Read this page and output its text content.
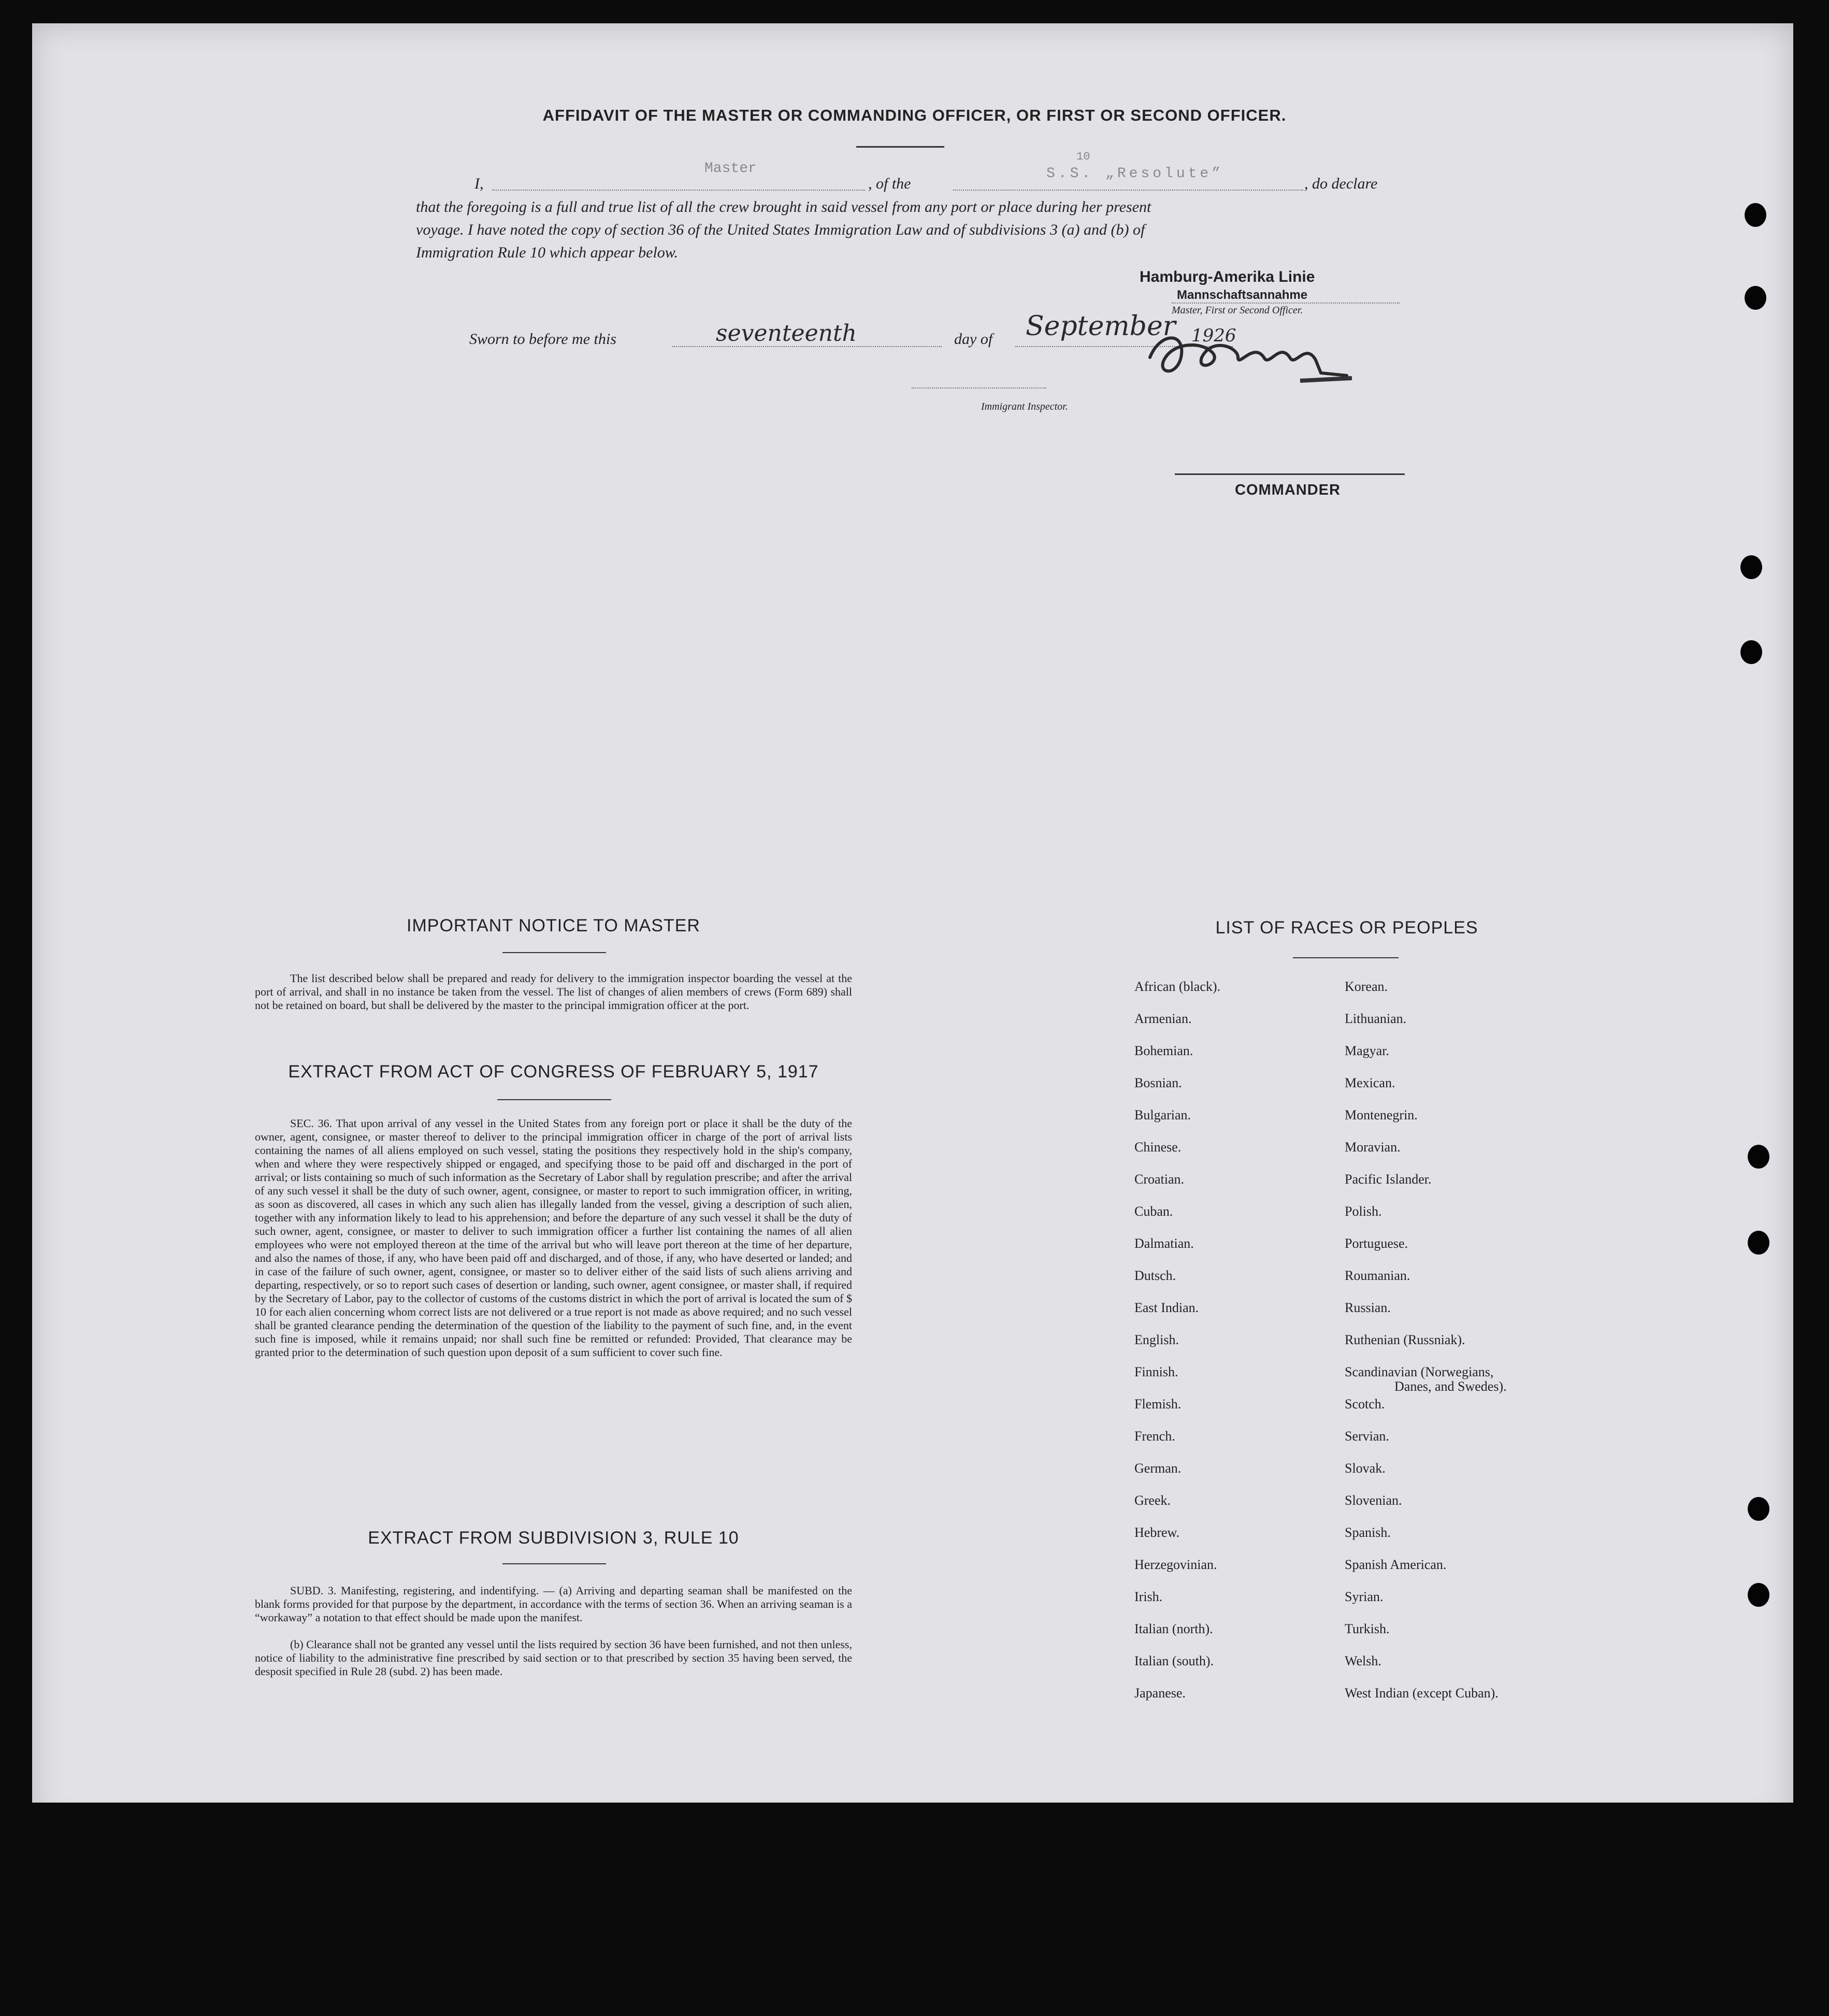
AFFIDAVIT OF THE MASTER OR COMMANDING OFFICER, OR FIRST OR SECOND OFFICER.
I,
Master
, of the
10
S.S. „Resolute”
, do declare
that the foregoing is a full and true list of all the crew brought in said vessel from any port or place during her present
voyage. I have noted the copy of section 36 of the United States Immigration Law and of subdivisions 3 (a) and (b) of
Immigration Rule 10 which appear below.
Hamburg-Amerika Linie
Mannschaftsannahme
Master, First or Second Officer.
Sworn to before me this	seventeenth	day of September 1926
Immigrant Inspector.
COMMANDER
IMPORTANT NOTICE TO MASTER
The list described below shall be prepared and ready for delivery to the immigration inspector boarding the vessel at the port of arrival, and shall in no instance be taken from the vessel. The list of changes of alien members of crews (Form 689) shall not be retained on board, but shall be delivered by the master to the principal immigration officer at the port.
EXTRACT FROM ACT OF CONGRESS OF FEBRUARY 5, 1917
SEC. 36. That upon arrival of any vessel in the United States from any foreign port or place it shall be the duty of the owner, agent, consignee, or master thereof to deliver to the principal immigration officer in charge of the port of arrival lists containing the names of all aliens employed on such vessel, stating the positions they respectively hold in the ship's company, when and where they were respectively shipped or engaged, and specifying those to be paid off and discharged in the port of arrival; or lists containing so much of such information as the Secretary of Labor shall by regulation prescribe; and after the arrival of any such vessel it shall be the duty of such owner, agent, consignee, or master to report to such immigration officer, in writing, as soon as discovered, all cases in which any such alien has illegally landed from the vessel, giving a description of such alien, together with any information likely to lead to his apprehension; and before the departure of any such vessel it shall be the duty of such owner, agent, consignee, or master to deliver to such immigration officer a further list containing the names of all alien employees who were not employed thereon at the time of the arrival but who will leave port thereon at the time of her departure, and also the names of those, if any, who have been paid off and discharged, and of those, if any, who have deserted or landed; and in case of the failure of such owner, agent, consignee, or master so to deliver either of the said lists of such aliens arriving and departing, respectively, or so to report such cases of desertion or landing, such owner, agent consignee, or master shall, if required by the Secretary of Labor, pay to the collector of customs of the customs district in which the port of arrival is located the sum of $ 10 for each alien concerning whom correct lists are not delivered or a true report is not made as above required; and no such vessel shall be granted clearance pending the determination of the question of the liability to the payment of such fine, and, in the event such fine is imposed, while it remains unpaid; nor shall such fine be remitted or refunded: Provided, That clearance may be granted prior to the determination of such question upon deposit of a sum sufficient to cover such fine.
EXTRACT FROM SUBDIVISION 3, RULE 10
SUBD. 3. Manifesting, registering, and indentifying. — (a) Arriving and departing seaman shall be manifested on the blank forms provided for that purpose by the department, in accordance with the terms of section 36. When an arriving seaman is a “workaway” a notation to that effect should be made upon the manifest.
(b) Clearance shall not be granted any vessel until the lists required by section 36 have been furnished, and not then unless, notice of liability to the administrative fine prescribed by said section or to that prescribed by section 35 having been served, the desposit specified in Rule 28 (subd. 2) has been made.
LIST OF RACES OR PEOPLES
African (black).
Armenian.
Bohemian.
Bosnian.
Bulgarian.
Chinese.
Croatian.
Cuban.
Dalmatian.
Dutsch.
East Indian.
English.
Finnish.
Flemish.
French.
German.
Greek.
Hebrew.
Herzegovinian.
Irish.
Italian (north).
Italian (south).
Japanese.
Korean.
Lithuanian.
Magyar.
Mexican.
Montenegrin.
Moravian.
Pacific Islander.
Polish.
Portuguese.
Roumanian.
Russian.
Ruthenian (Russniak).
Scandinavian (Norwegians,
Scotch.
Servian.
Slovak.
Slovenian.
Spanish.
Spanish American.
Syrian.
Turkish.
Welsh.
West Indian (except Cuban).
Danes, and Swedes).
